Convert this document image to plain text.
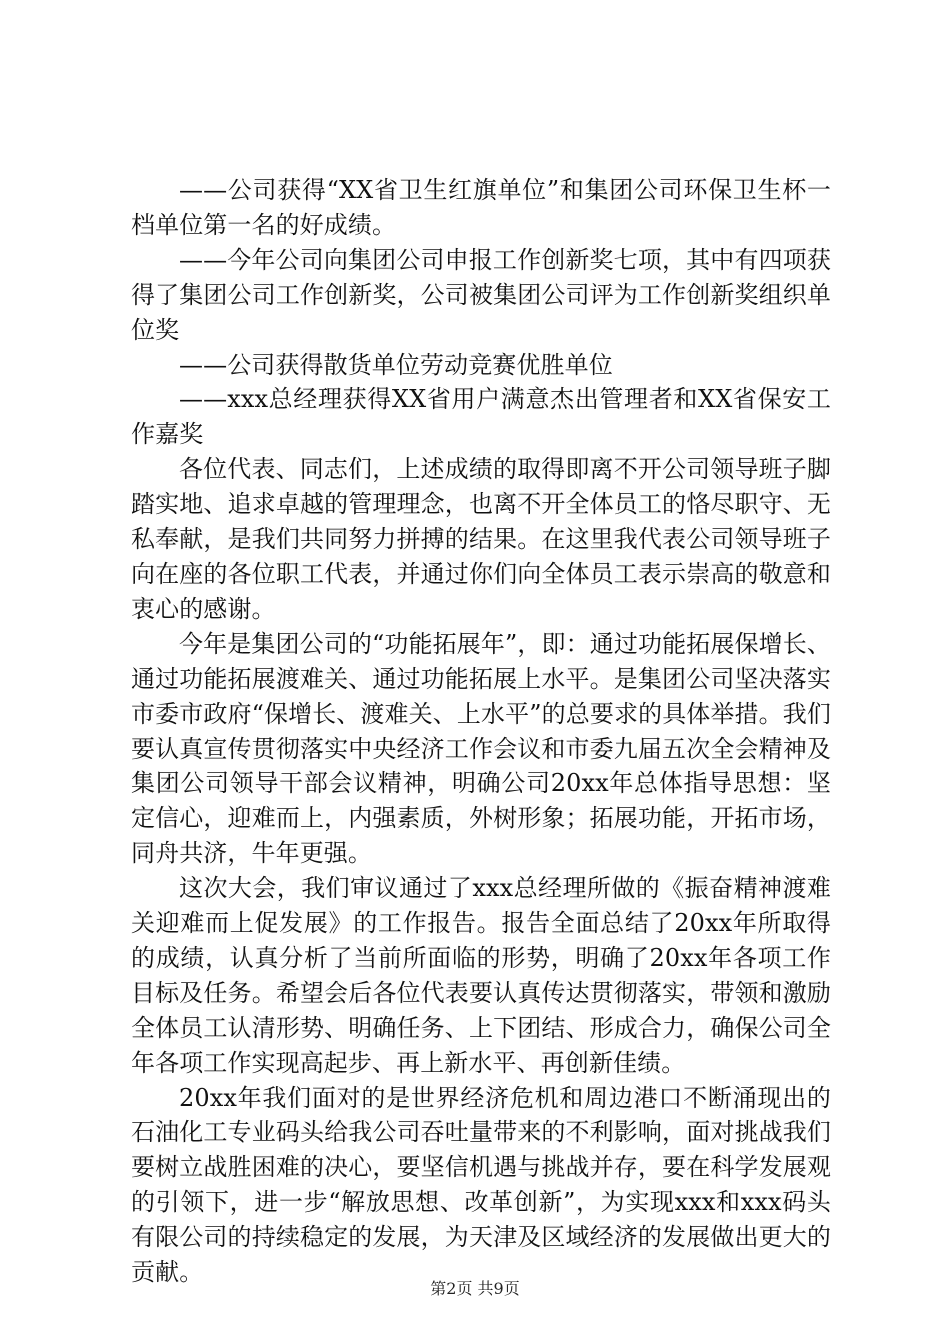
——公司获得“XX省卫生红旗单位”和集团公司环保卫生杯一档单位第一名的好成绩。

——今年公司向集团公司申报工作创新奖七项，其中有四项获得了集团公司工作创新奖，公司被集团公司评为工作创新奖组织单位奖

——公司获得散货单位劳动竞赛优胜单位

——xxx总经理获得XX省用户满意杰出管理者和XX省保安工作嘉奖

各位代表、同志们，上述成绩的取得即离不开公司领导班子脚踏实地、追求卓越的管理理念，也离不开全体员工的恪尽职守、无私奉献，是我们共同努力拼搏的结果。在这里我代表公司领导班子向在座的各位职工代表，并通过你们向全体员工表示崇高的敬意和衷心的感谢。

今年是集团公司的“功能拓展年”，即：通过功能拓展保增长、通过功能拓展渡难关、通过功能拓展上水平。是集团公司坚决落实市委市政府“保增长、渡难关、上水平”的总要求的具体举措。我们要认真宣传贯彻落实中央经济工作会议和市委九届五次全会精神及集团公司领导干部会议精神，明确公司20xx年总体指导思想：坚定信心，迎难而上，内强素质，外树形象；拓展功能，开拓市场，同舟共济，牛年更强。

这次大会，我们审议通过了xxx总经理所做的《振奋精神渡难关迎难而上促发展》的工作报告。报告全面总结了20xx年所取得的成绩，认真分析了当前所面临的形势，明确了20xx年各项工作目标及任务。希望会后各位代表要认真传达贯彻落实，带领和激励全体员工认清形势、明确任务、上下团结、形成合力，确保公司全年各项工作实现高起步、再上新水平、再创新佳绩。

20xx年我们面对的是世界经济危机和周边港口不断涌现出的石油化工专业码头给我公司吞吐量带来的不利影响，面对挑战我们要树立战胜困难的决心，要坚信机遇与挑战并存，要在科学发展观的引领下，进一步“解放思想、改革创新”，为实现xxx和xxx码头有限公司的持续稳定的发展，为天津及区域经济的发展做出更大的贡献。

第2页 共9页
